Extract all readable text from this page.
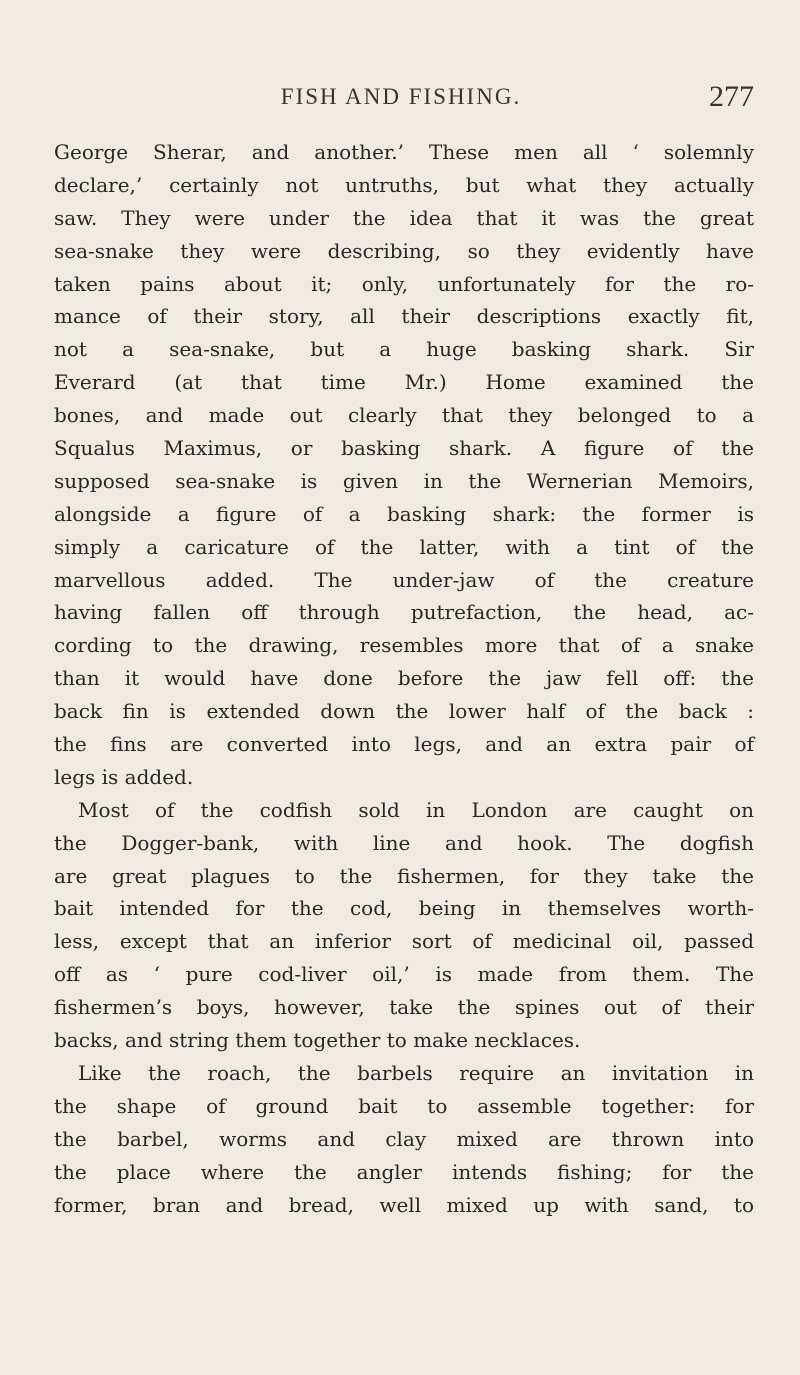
FISH AND FISHING.	277
George Sherar, and another.’ These men all ‘ solemnly
declare,’ certainly not untruths, but what they actually
saw. They were under the idea that it was the great
sea-snake they were describing, so they evidently have
taken pains about it; only, unfortunately for the ro-
mance of their story, all their descriptions exactly fit,
not a sea-snake, but a huge basking shark. Sir
Everard (at that time Mr.) Home examined the
bones, and made out clearly that they belonged to a
Squalus Maximus, or basking shark. A figure of the
supposed sea-snake is given in the Wernerian Memoirs,
alongside a figure of a basking shark: the former is
simply a caricature of the latter, with a tint of the
marvellous added. The under-jaw of the creature
having fallen off through putrefaction, the head, ac-
cording to the drawing, resembles more that of a snake
than it would have done before the jaw fell off: the
back fin is extended down the lower half of the back :
the fins are converted into legs, and an extra pair of
legs is added.
Most of the codfish sold in London are caught on
the Dogger-bank, with line and hook. The dogfish
are great plagues to the fishermen, for they take the
bait intended for the cod, being in themselves worth-
less, except that an inferior sort of medicinal oil, passed
off as ‘ pure cod-liver oil,’ is made from them. The
fishermen’s boys, however, take the spines out of their
backs, and string them together to make necklaces.
Like the roach, the barbels require an invitation in
the shape of ground bait to assemble together: for
the barbel, worms and clay mixed are thrown into
the place where the angler intends fishing; for the
former, bran and bread, well mixed up with sand, to
